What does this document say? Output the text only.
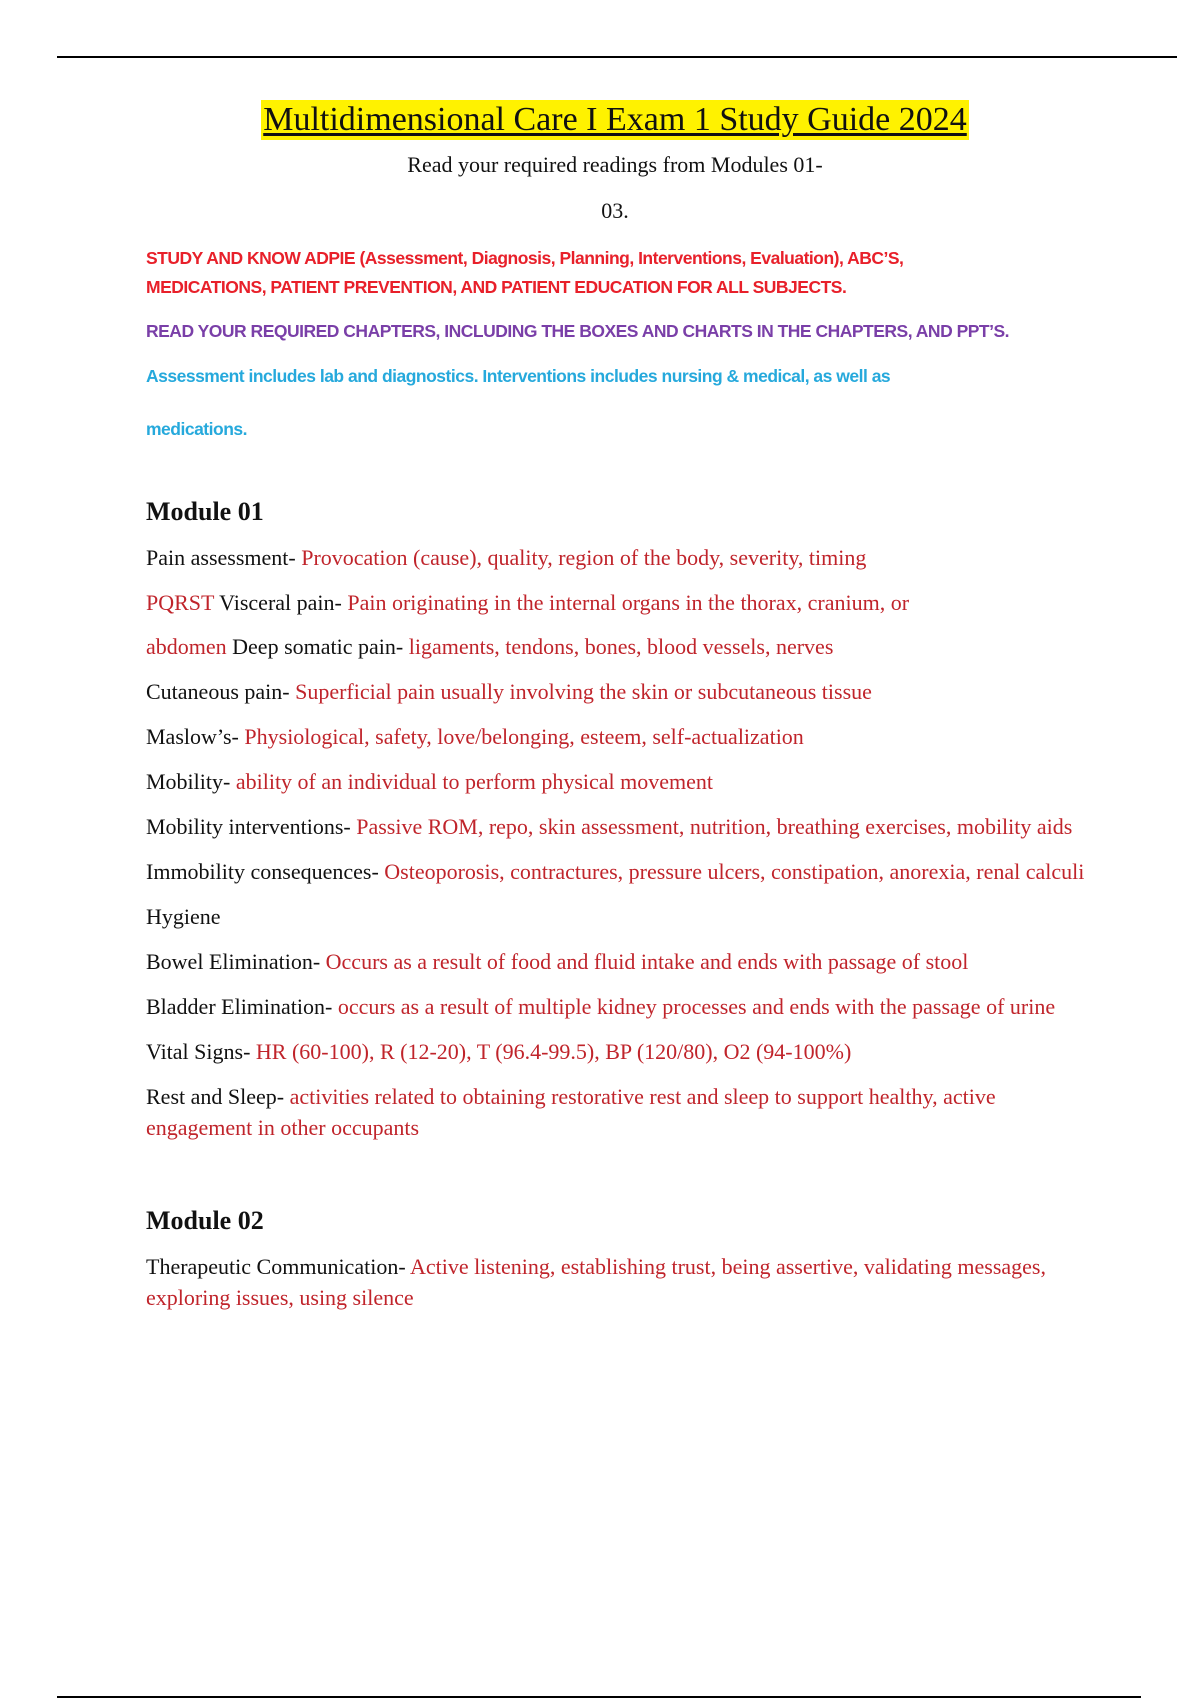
Multidimensional Care I Exam 1 Study Guide 2024
Read your required readings from Modules 01-
03.
STUDY AND KNOW ADPIE (Assessment, Diagnosis, Planning, Interventions, Evaluation), ABC’S,
MEDICATIONS, PATIENT PREVENTION, AND PATIENT EDUCATION FOR ALL SUBJECTS.
READ YOUR REQUIRED CHAPTERS, INCLUDING THE BOXES AND CHARTS IN THE CHAPTERS, AND PPT’S.
Assessment includes lab and diagnostics. Interventions includes nursing & medical, as well as
medications.
Module 01
Pain assessment- Provocation (cause), quality, region of the body, severity, timing
PQRST Visceral pain- Pain originating in the internal organs in the thorax, cranium, or
abdomen Deep somatic pain- ligaments, tendons, bones, blood vessels, nerves
Cutaneous pain- Superficial pain usually involving the skin or subcutaneous tissue
Maslow’s- Physiological, safety, love/belonging, esteem, self-actualization
Mobility- ability of an individual to perform physical movement
Mobility interventions- Passive ROM, repo, skin assessment, nutrition, breathing exercises, mobility aids
Immobility consequences- Osteoporosis, contractures, pressure ulcers, constipation, anorexia, renal calculi
Hygiene
Bowel Elimination- Occurs as a result of food and fluid intake and ends with passage of stool
Bladder Elimination- occurs as a result of multiple kidney processes and ends with the passage of urine
Vital Signs- HR (60-100), R (12-20), T (96.4-99.5), BP (120/80), O2 (94-100%)
Rest and Sleep- activities related to obtaining restorative rest and sleep to support healthy, active engagement in other occupants
Module 02
Therapeutic Communication- Active listening, establishing trust, being assertive, validating messages, exploring issues, using silence
